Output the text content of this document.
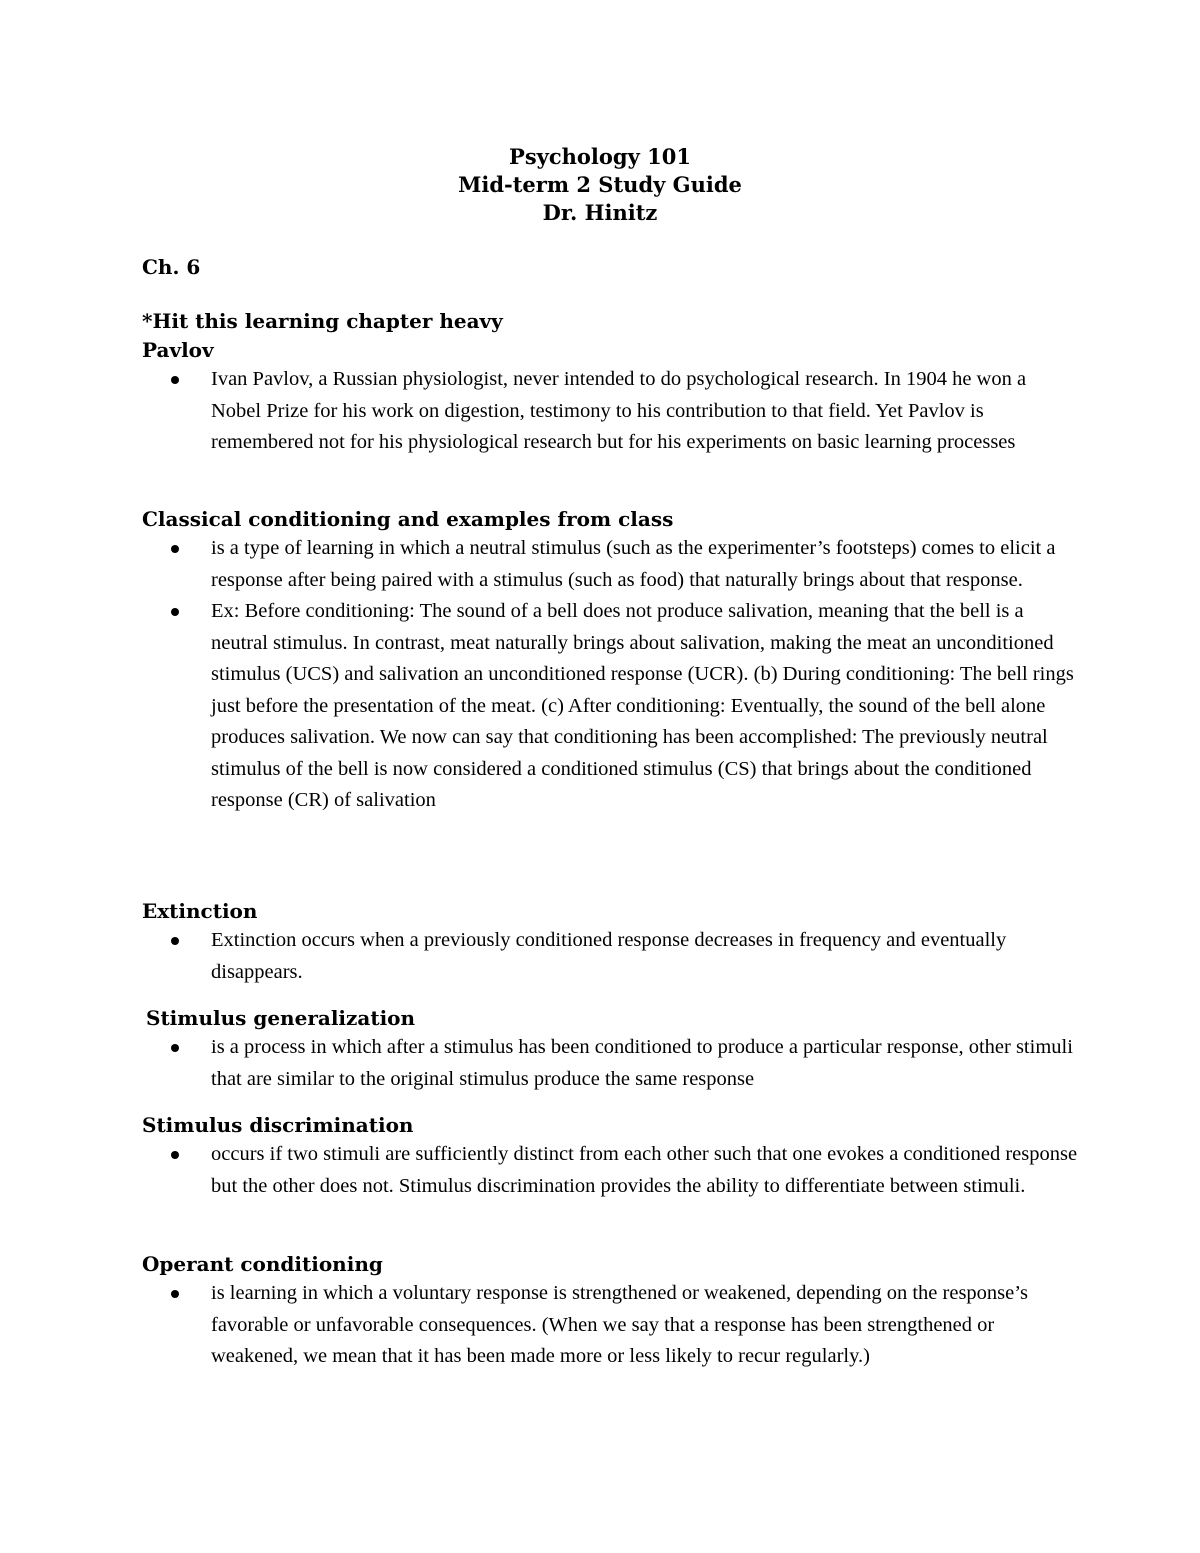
Psychology 101
Mid-term 2 Study Guide
Dr. Hinitz
Ch. 6
*Hit this learning chapter heavy
Pavlov
Ivan Pavlov, a Russian physiologist, never intended to do psychological research. In 1904 he won a Nobel Prize for his work on digestion, testimony to his contribution to that field. Yet Pavlov is remembered not for his physiological research but for his experiments on basic learning processes
Classical conditioning and examples from class
is a type of learning in which a neutral stimulus (such as the experimenter’s footsteps) comes to elicit a response after being paired with a stimulus (such as food) that naturally brings about that response.
Ex: Before conditioning: The sound of a bell does not produce salivation, meaning that the bell is a neutral stimulus. In contrast, meat naturally brings about salivation, making the meat an unconditioned stimulus (UCS) and salivation an unconditioned response (UCR). (b) During conditioning: The bell rings just before the presentation of the meat. (c) After conditioning: Eventually, the sound of the bell alone produces salivation. We now can say that conditioning has been accomplished: The previously neutral stimulus of the bell is now considered a conditioned stimulus (CS) that brings about the conditioned response (CR) of salivation
Extinction
Extinction occurs when a previously conditioned response decreases in frequency and eventually disappears.
Stimulus generalization
is a process in which after a stimulus has been conditioned to produce a particular response, other stimuli that are similar to the original stimulus produce the same response
Stimulus discrimination
occurs if two stimuli are sufficiently distinct from each other such that one evokes a conditioned response but the other does not. Stimulus discrimination provides the ability to differentiate between stimuli.
Operant conditioning
is learning in which a voluntary response is strengthened or weakened, depending on the response’s favorable or unfavorable consequences. (When we say that a response has been strengthened or weakened, we mean that it has been made more or less likely to recur regularly.)
